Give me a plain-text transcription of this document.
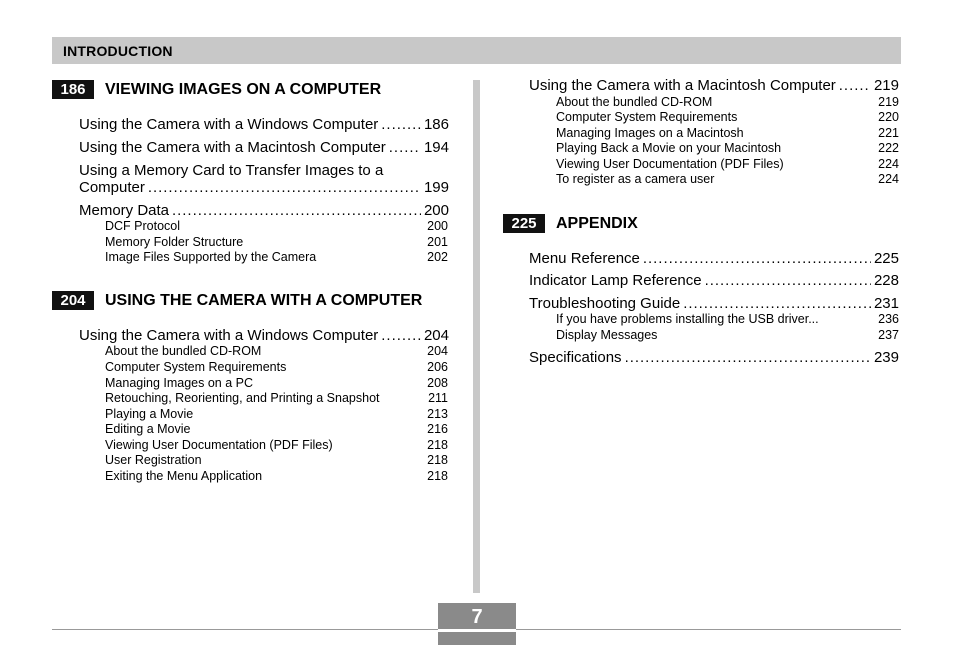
INTRODUCTION
186	VIEWING IMAGES ON A COMPUTER
Using the Camera with a Windows Computer . . .	186
Using the Camera with a Macintosh Computer . . .	194
Using a Memory Card to Transfer Images to a
Computer . . .	199
Memory Data . . .	200
DCF Protocol	200
Memory Folder Structure	201
Image Files Supported by the Camera	202
204	USING THE CAMERA WITH A COMPUTER
Using the Camera with a Windows Computer . . .	204
About the bundled CD-ROM	204
Computer System Requirements	206
Managing Images on a PC	208
Retouching, Reorienting, and Printing a Snapshot	211
Playing a Movie	213
Editing a Movie	216
Viewing User Documentation (PDF Files)	218
User Registration	218
Exiting the Menu Application	218
Using the Camera with a Macintosh Computer . . .	219
About the bundled CD-ROM	219
Computer System Requirements	220
Managing Images on a Macintosh	221
Playing Back a Movie on your Macintosh	222
Viewing User Documentation (PDF Files)	224
To register as a camera user	224
225	APPENDIX
Menu Reference . . .	225
Indicator Lamp Reference . . .	228
Troubleshooting Guide . . .	231
If you have problems installing the USB driver...	236
Display Messages	237
Specifications . . .	239
7
